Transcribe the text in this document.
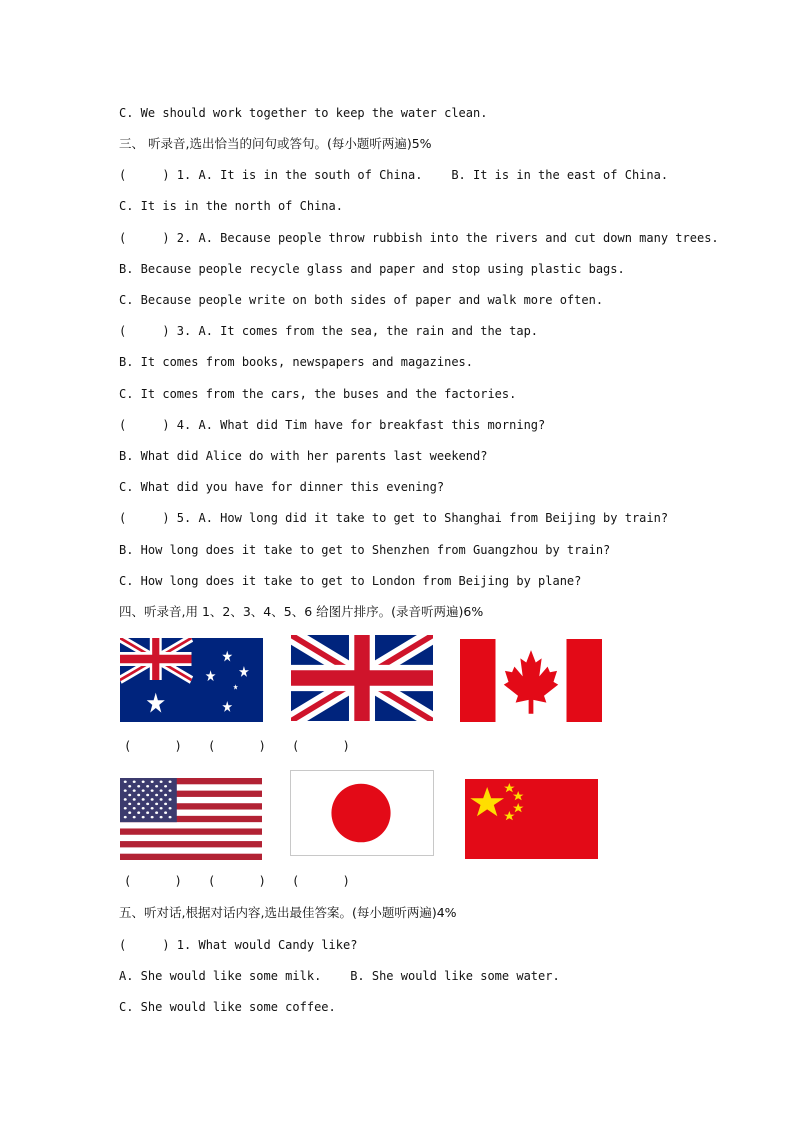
C. We should work together to keep the water clean.
三、 听录音,选出恰当的问句或答句。(每小题听两遍)5%
(     ) 1. A. It is in the south of China.    B. It is in the east of China.
C. It is in the north of China.
(     ) 2. A. Because people throw rubbish into the rivers and cut down many trees.
B. Because people recycle glass and paper and stop using plastic bags.
C. Because people write on both sides of paper and walk more often.
(     ) 3. A. It comes from the sea, the rain and the tap.
B. It comes from books, newspapers and magazines.
C. It comes from the cars, the buses and the factories.
(     ) 4. A. What did Tim have for breakfast this morning?
B. What did Alice do with her parents last weekend?
C. What did you have for dinner this evening?
(     ) 5. A. How long did it take to get to Shanghai from Beijing by train?
B. How long does it take to get to Shenzhen from Guangzhou by train?
C. How long does it take to get to London from Beijing by plane?
四、听录音,用 1、2、3、4、5、6 给图片排序。(录音听两遍)6%
(      ) (      ) (      )
(      ) (      ) (      )
五、听对话,根据对话内容,选出最佳答案。(每小题听两遍)4%
(     ) 1. What would Candy like?
A. She would like some milk.    B. She would like some water.
C. She would like some coffee.
